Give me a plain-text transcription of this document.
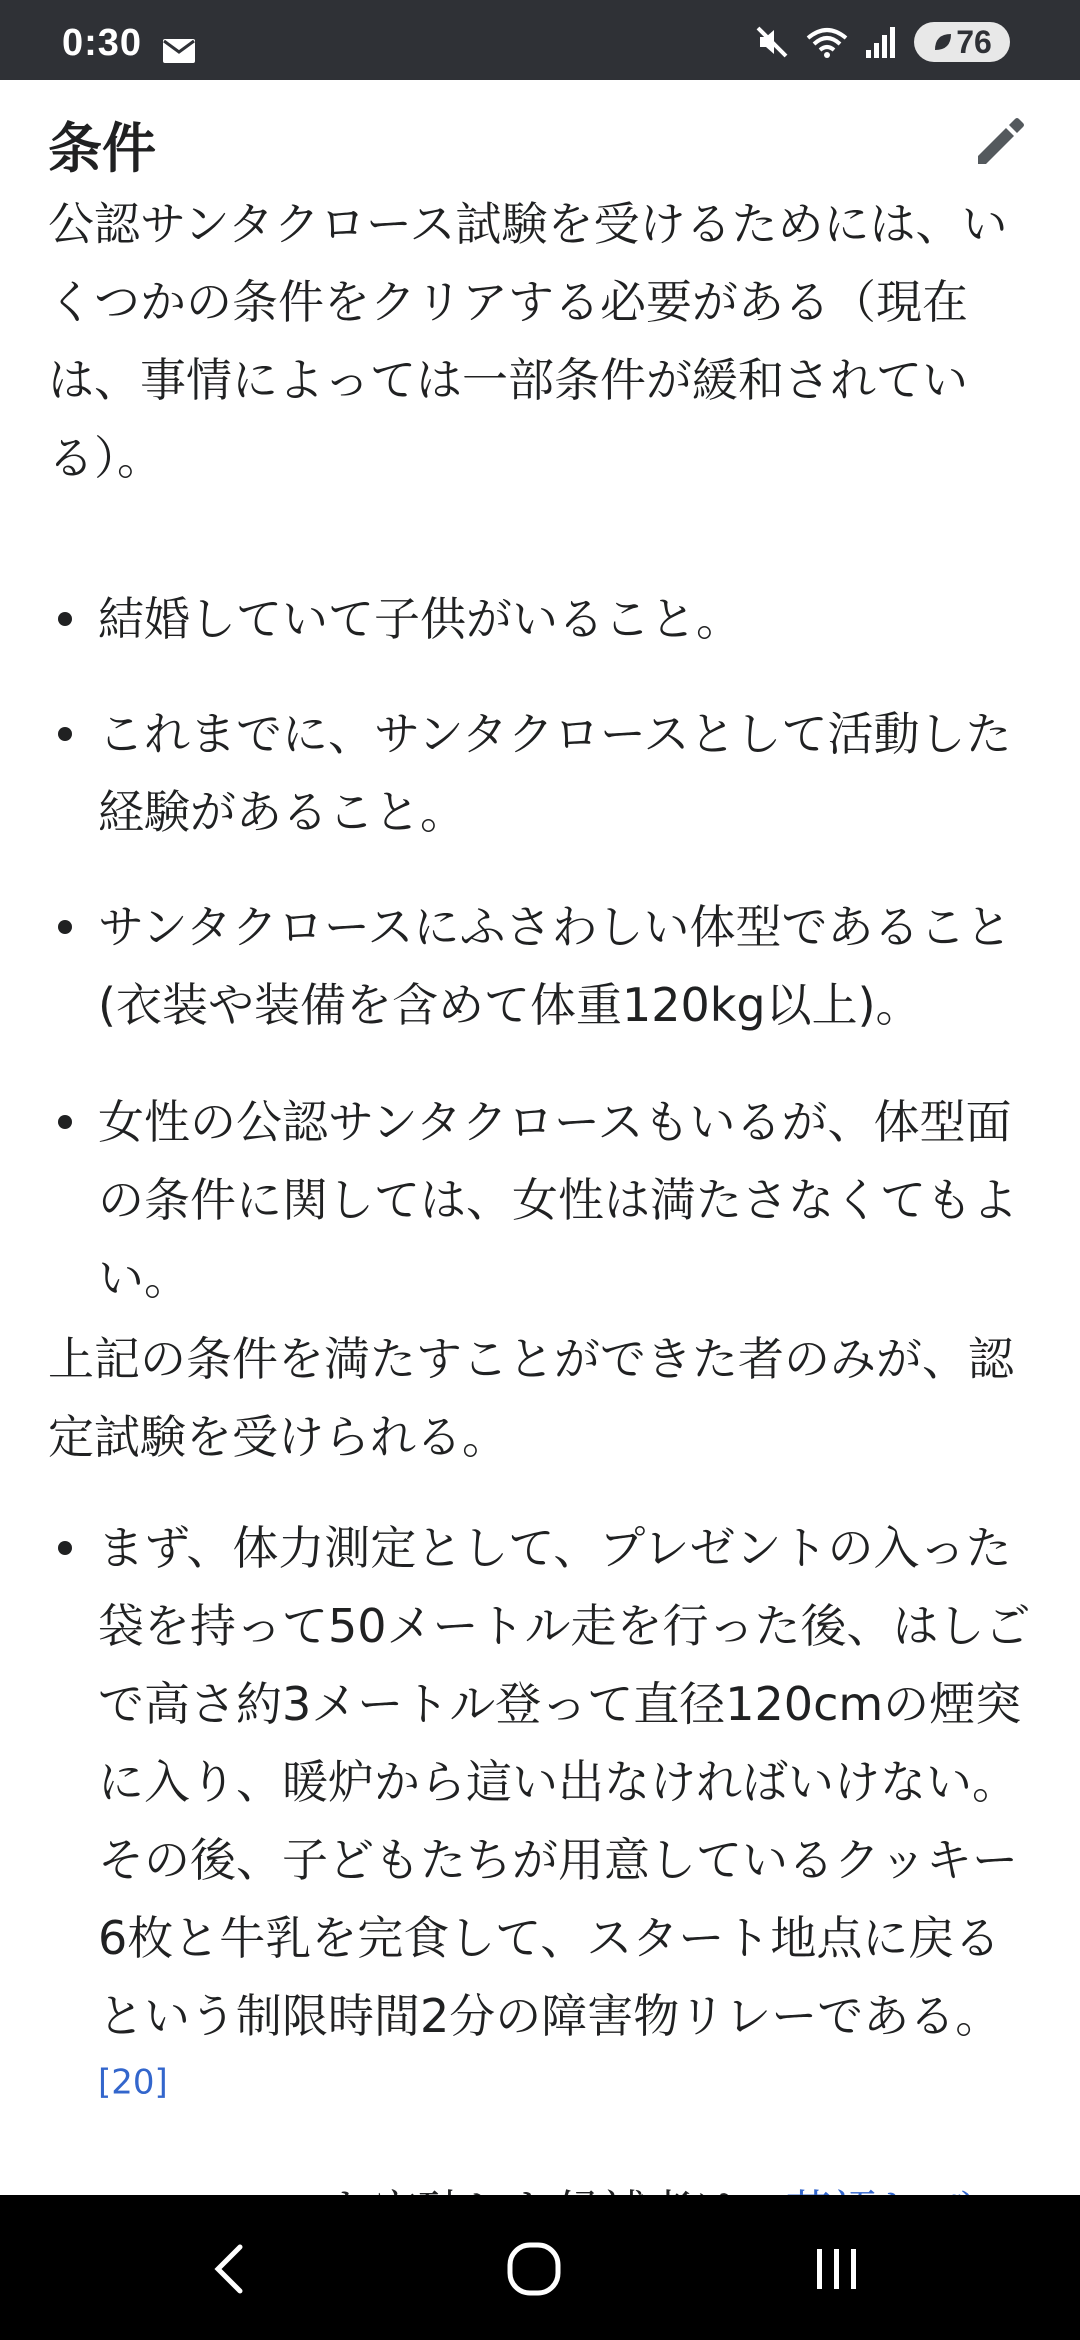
0:30	76
条件

公認サンタクロース試験を受けるためには、いくつかの条件をクリアする必要がある（現在は、事情によっては一部条件が緩和されている）。

結婚していて子供がいること。
これまでに、サンタクロースとして活動した経験があること。
サンタクロースにふさわしい体型であること (衣装や装備を含めて体重120kg以上)。
女性の公認サンタクロースもいるが、体型面の条件に関しては、女性は満たさなくてもよい。

上記の条件を満たすことができた者のみが、認定試験を受けられる。

まず、体力測定として、プレゼントの入った袋を持って50メートル走を行った後、はしごで高さ約3メートル登って直径120cmの煙突に入り、暖炉から這い出なければいけない。その後、子どもたちが用意しているクッキー6枚と牛乳を完食して、スタート地点に戻るという制限時間2分の障害物リレーである。[20]
